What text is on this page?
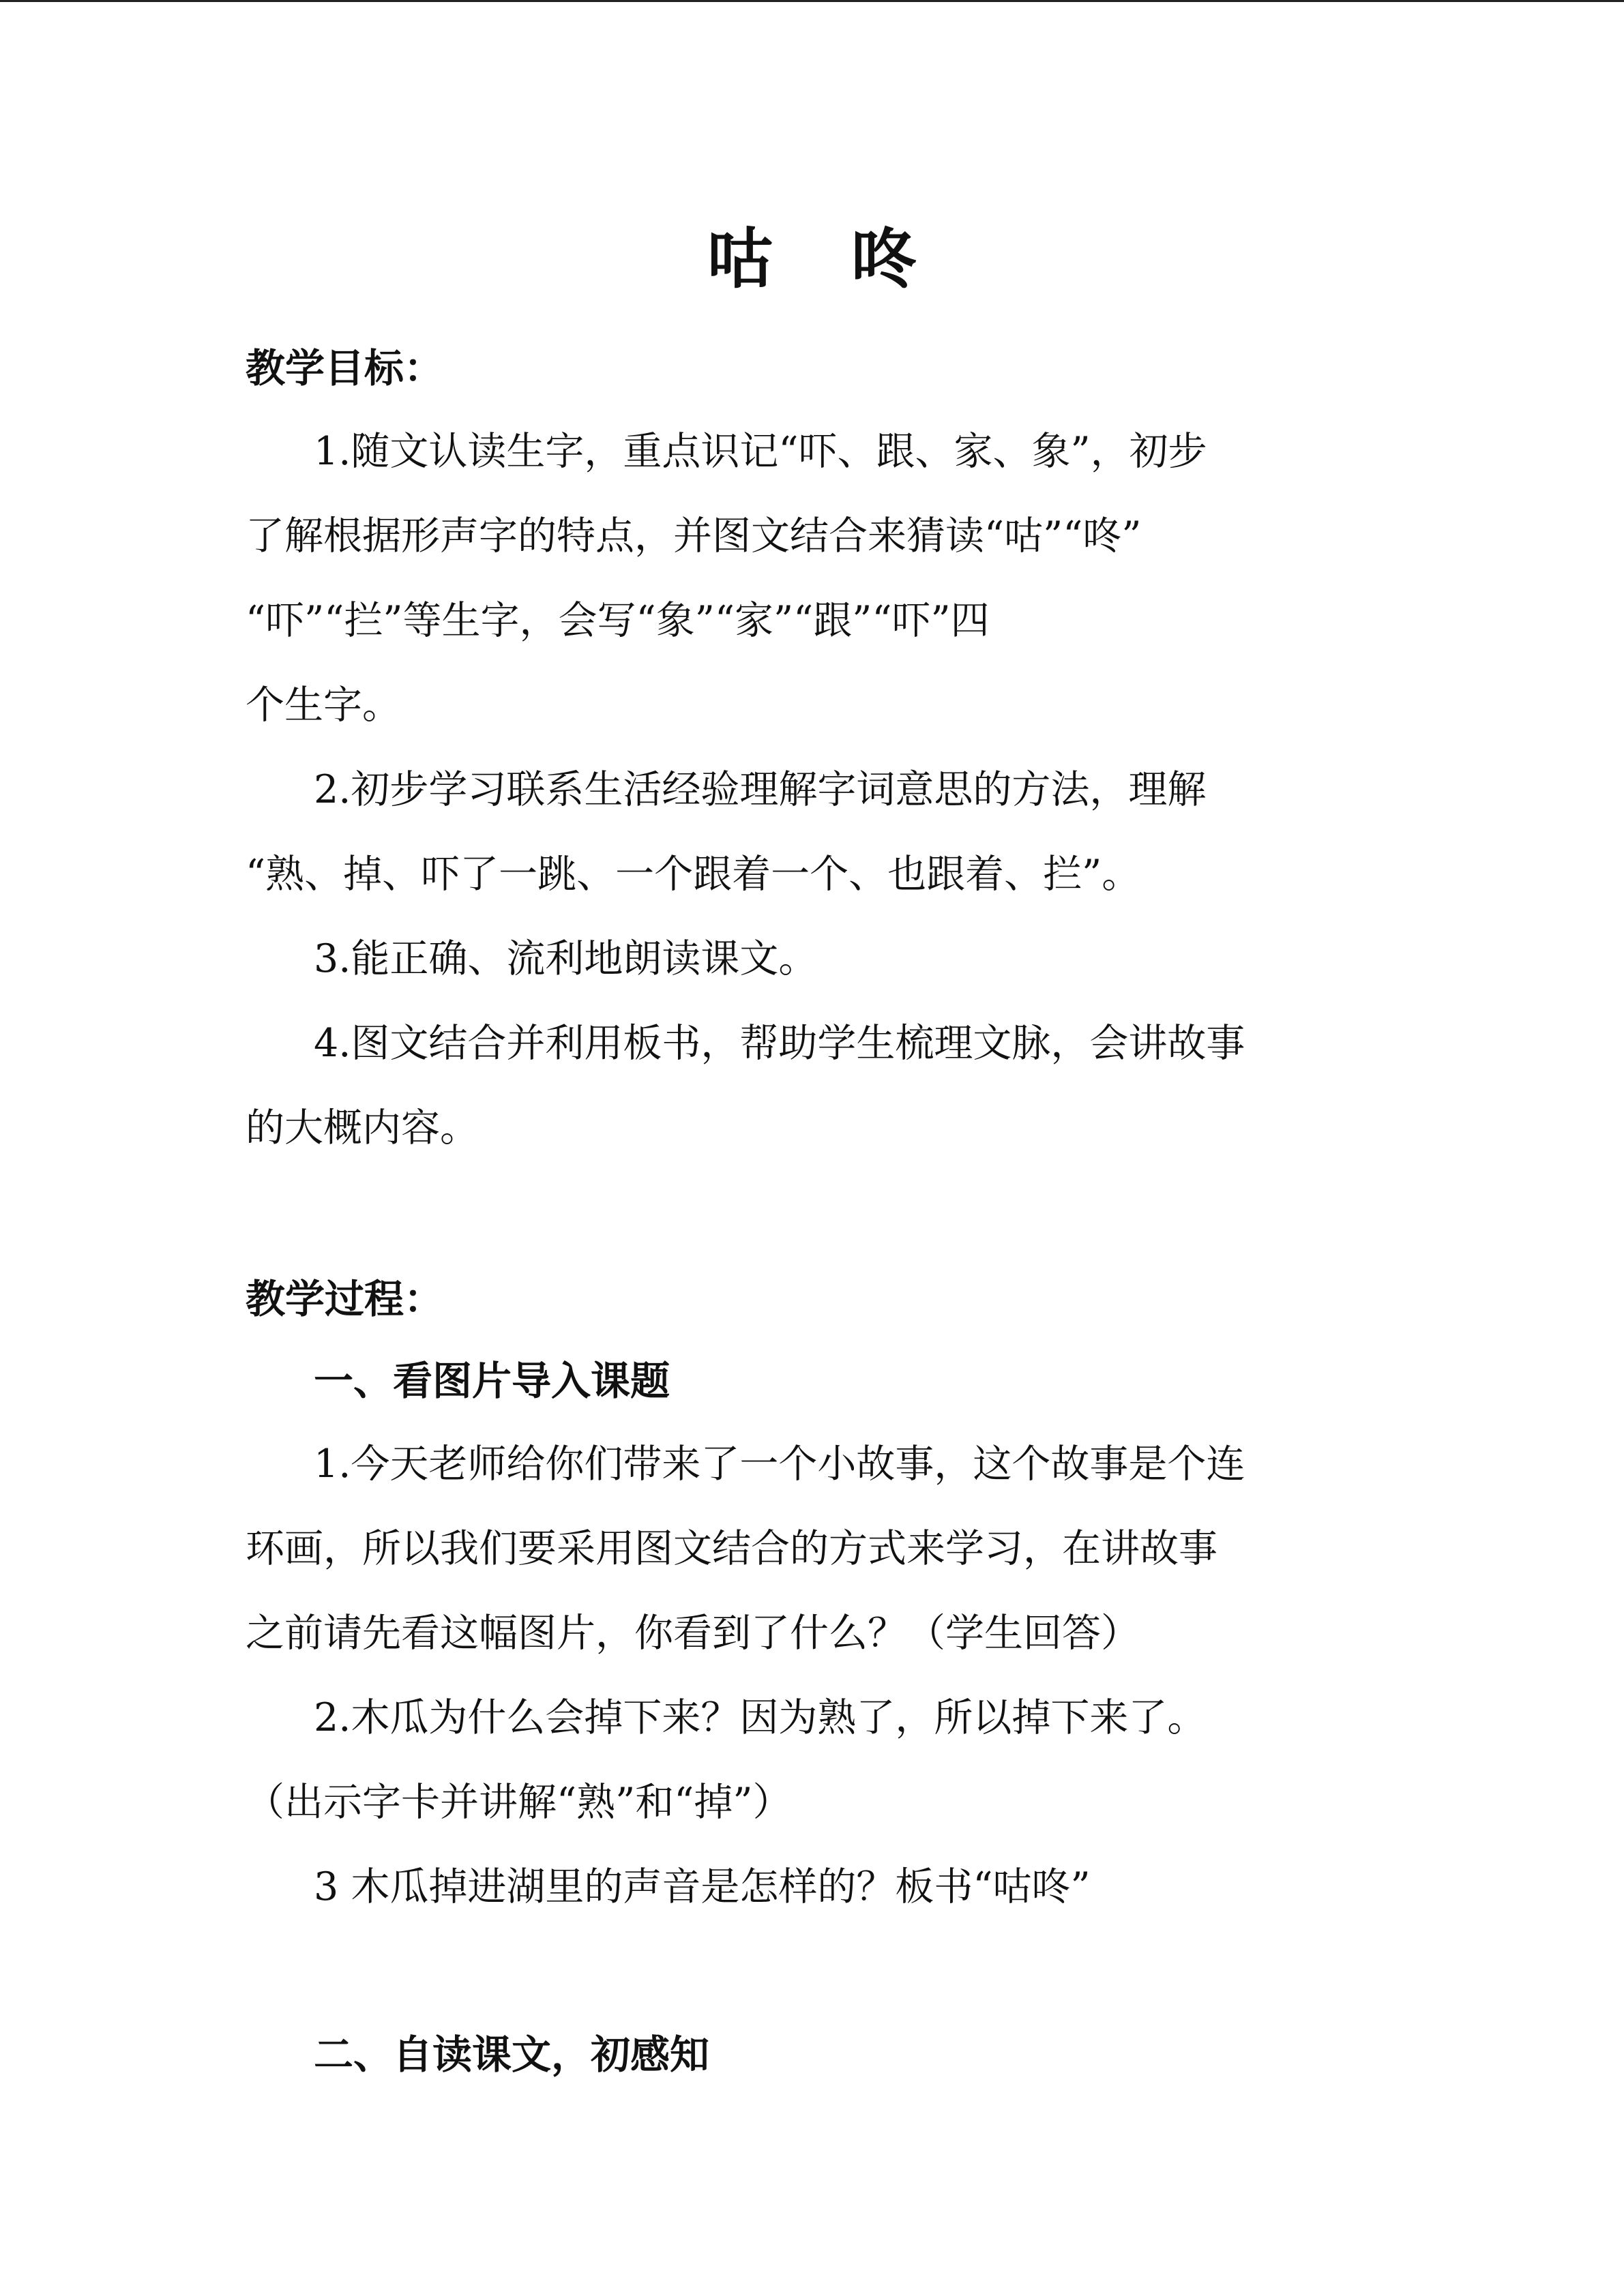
咕 咚
教学目标：
1.随文认读生字，重点识记“吓、跟、家、象”，初步
了解根据形声字的特点，并图文结合来猜读“咕”“咚”
“吓”“拦”等生字，会写“象”“家”“跟”“吓”四
个生字。
2.初步学习联系生活经验理解字词意思的方法，理解
“熟、掉、吓了一跳、一个跟着一个、也跟着、拦”。
3.能正确、流利地朗读课文。
4.图文结合并利用板书，帮助学生梳理文脉，会讲故事
的大概内容。
教学过程：
一、看图片导入课题
1.今天老师给你们带来了一个小故事，这个故事是个连
环画，所以我们要采用图文结合的方式来学习，在讲故事
之前请先看这幅图片，你看到了什么？（学生回答）
2.木瓜为什么会掉下来？因为熟了，所以掉下来了。
（出示字卡并讲解“熟”和“掉”）
3 木瓜掉进湖里的声音是怎样的？板书“咕咚”
二、自读课文，初感知
